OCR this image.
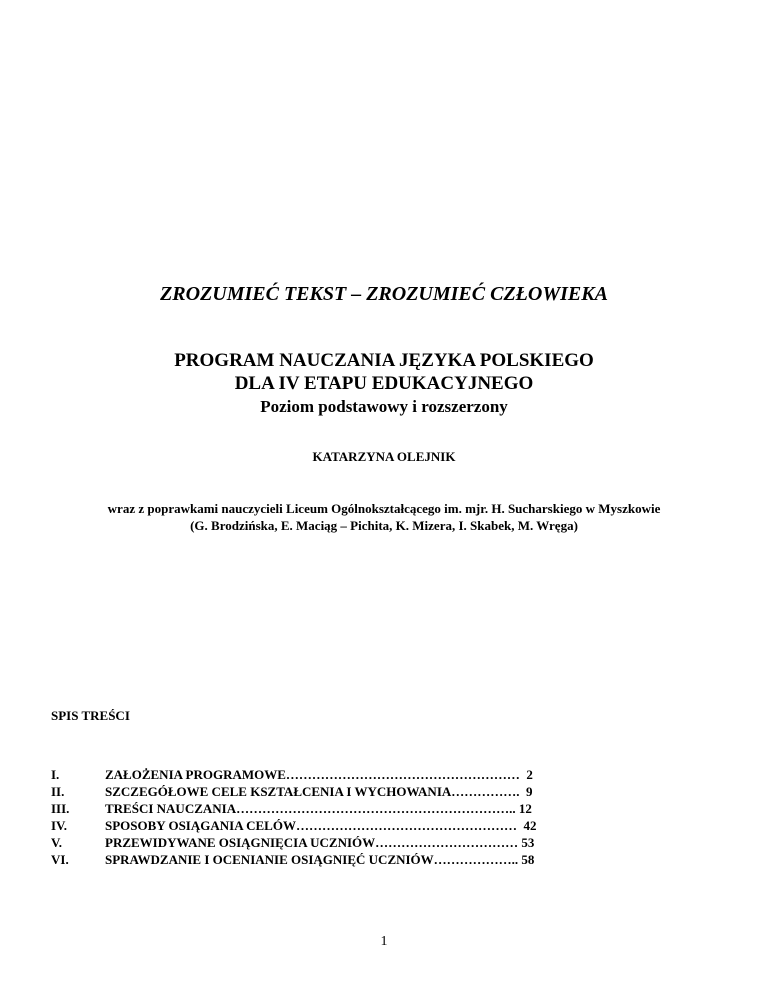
ZROZUMIEĆ TEKST – ZROZUMIEĆ CZŁOWIEKA
PROGRAM NAUCZANIA JĘZYKA POLSKIEGO
DLA IV ETAPU EDUKACYJNEGO
Poziom podstawowy i rozszerzony
KATARZYNA OLEJNIK
wraz z poprawkami nauczycieli Liceum Ogólnokształcącego im. mjr. H. Sucharskiego w Myszkowie
(G. Brodzińska, E. Maciąg – Pichita, K. Mizera, I. Skabek, M. Wręga)
SPIS TREŚCI
I.	ZAŁOŻENIA PROGRAMOWE………………………………………………  2
II.	SZCZEGÓŁOWE CELE KSZTAŁCENIA I WYCHOWANIA…………….  9
III.	TREŚCI NAUCZANIA……………………………………………………….. 12
IV.	SPOSOBY OSIĄGANIA CELÓW……………………………………………  42
V.	PRZEWIDYWANE OSIĄGNIĘCIA UCZNIÓW…………………………… 53
VI.	SPRAWDZANIE I OCENIANIE OSIĄGNIĘĆ UCZNIÓW……………….. 58
1
